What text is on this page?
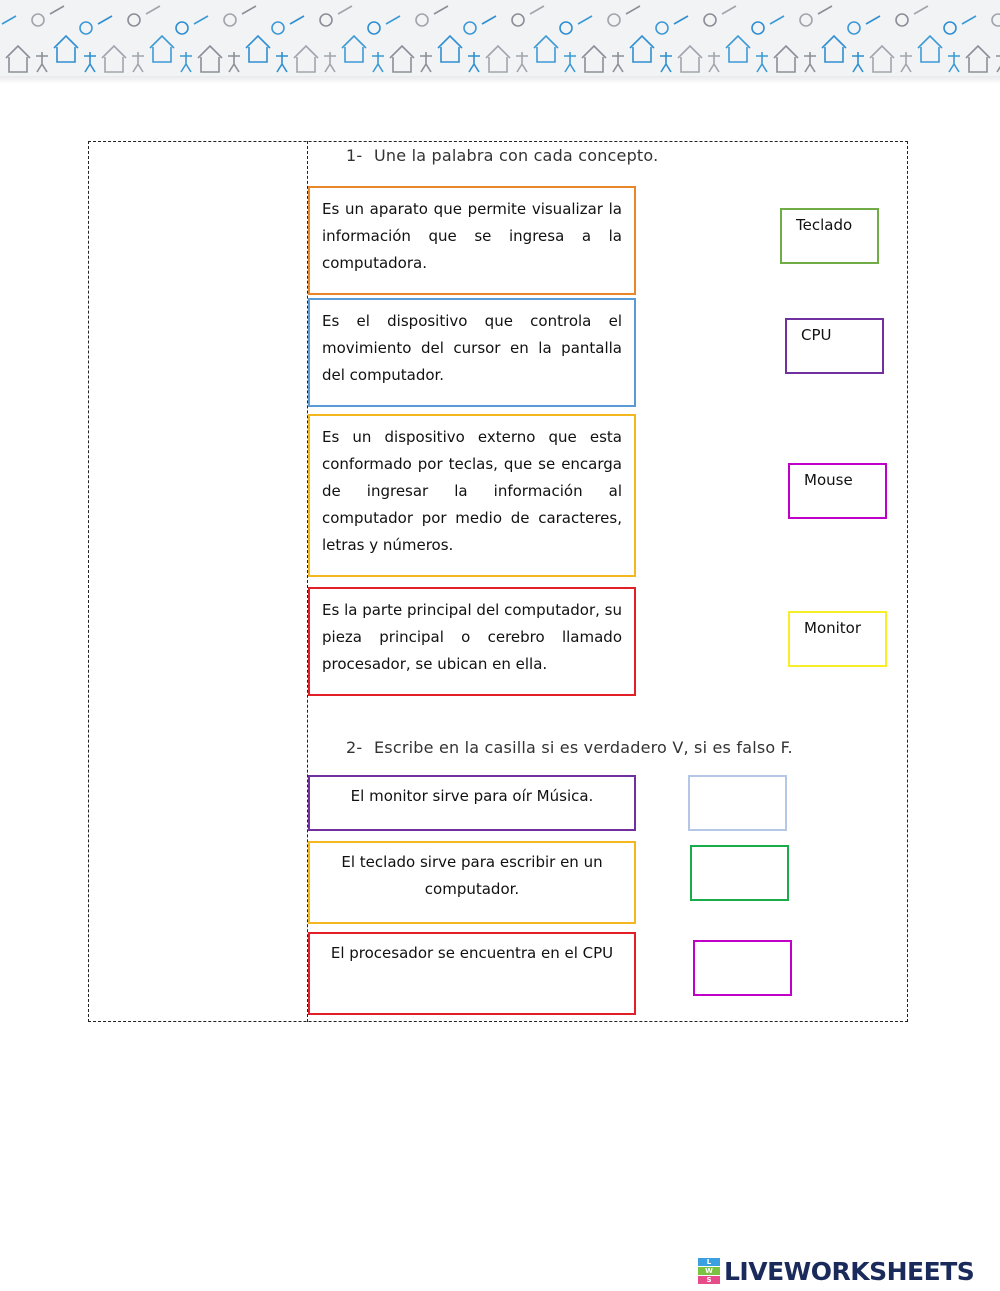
1- Une la palabra con cada concepto.
Es un aparato que permite visualizar la información que se ingresa a la computadora.
Es el dispositivo que controla el movimiento del cursor en la pantalla del computador.
Es un dispositivo externo que esta conformado por teclas, que se encarga de ingresar la información al computador por medio de caracteres, letras y números.
Es la parte principal del computador, su pieza principal o cerebro llamado procesador, se ubican en ella.
Teclado
CPU
Mouse
Monitor
2- Escribe en la casilla si es verdadero V, si es falso F.
El monitor sirve para oír Música.
El teclado sirve para escribir en un computador.
El procesador se encuentra en el CPU
L
W
S LIVEWORKSHEETS
